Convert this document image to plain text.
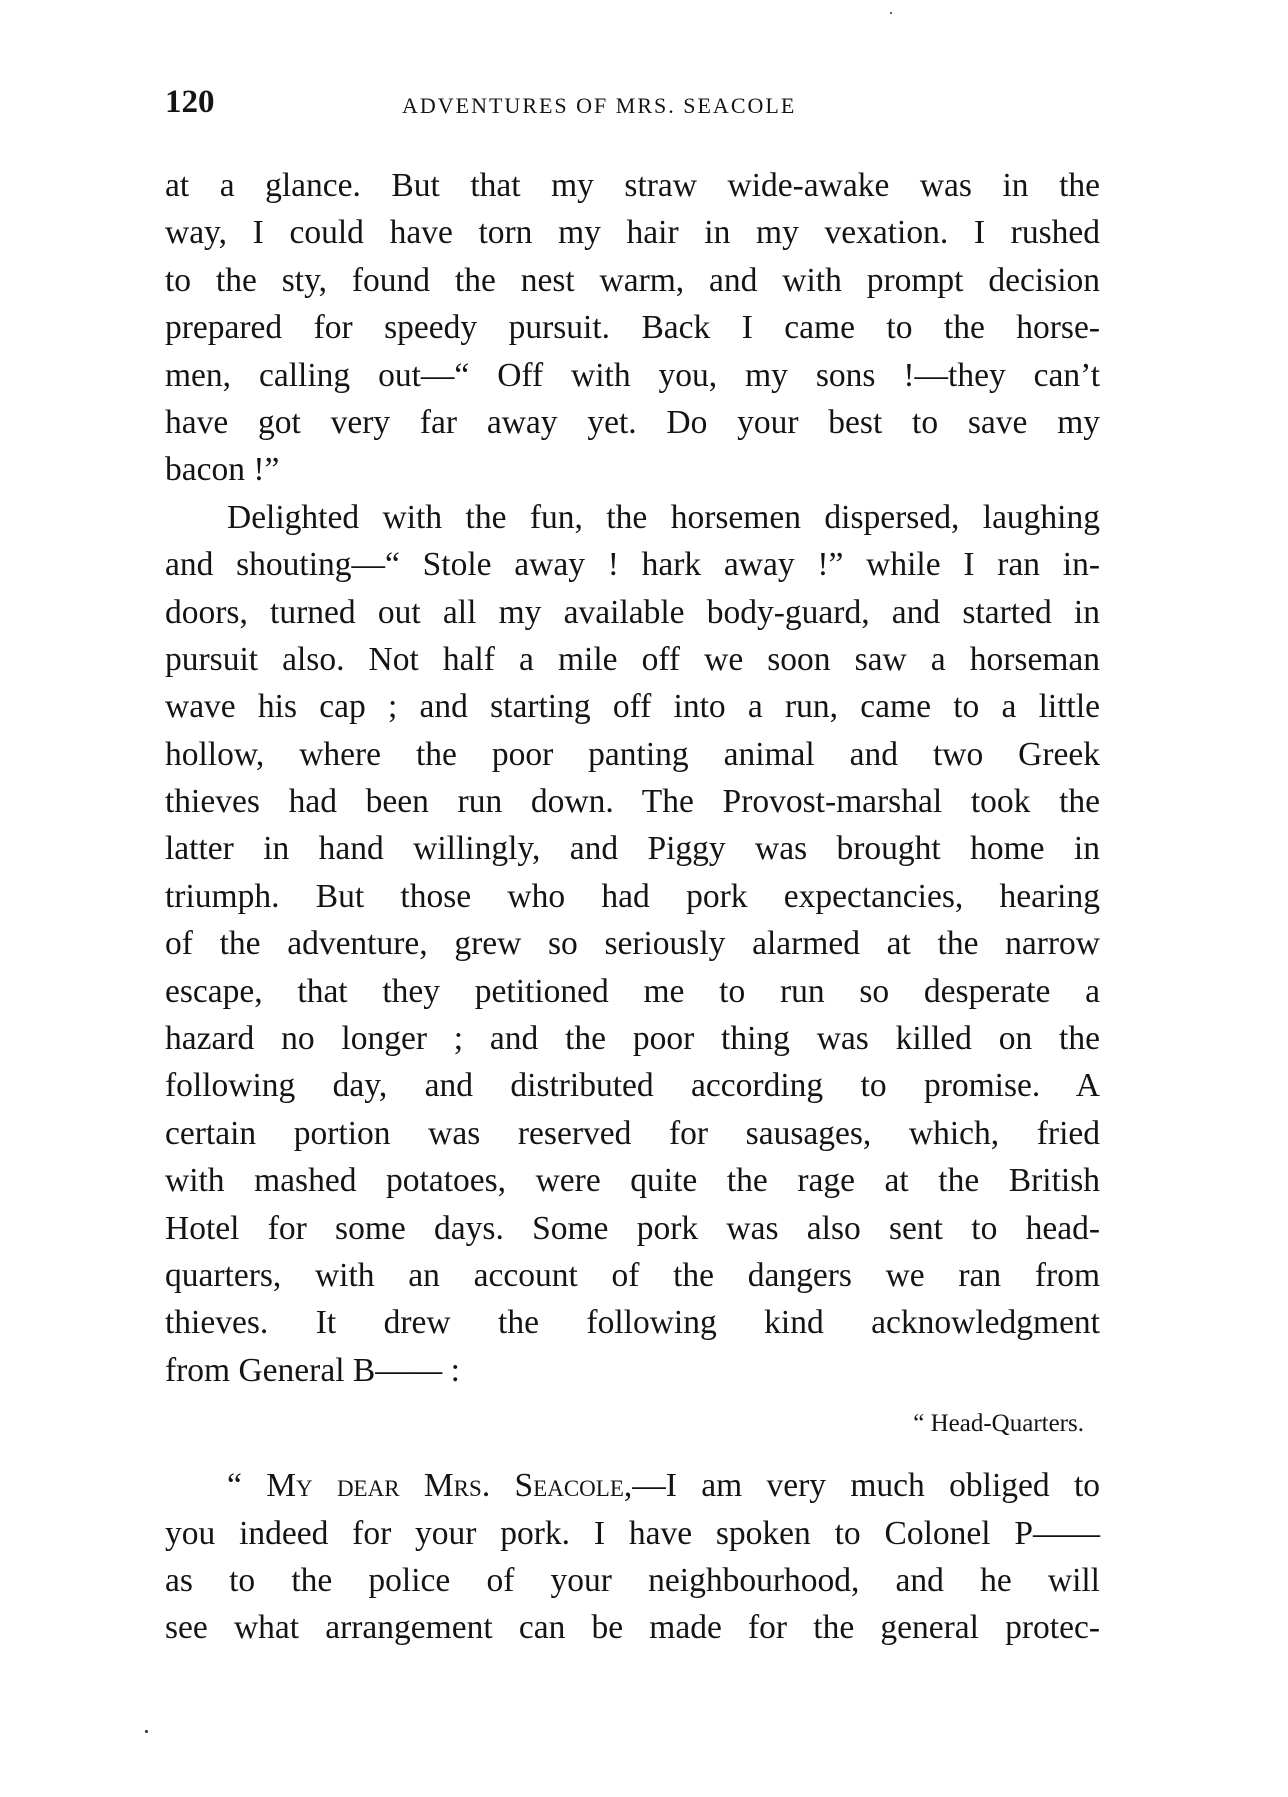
120	ADVENTURES OF MRS. SEACOLE
at a glance. But that my straw wide-awake was in the
way, I could have torn my hair in my vexation. I rushed
to the sty, found the nest warm, and with prompt decision
prepared for speedy pursuit. Back I came to the horse-
men, calling out—“ Off with you, my sons !—they can’t
have got very far away yet. Do your best to save my
bacon !”
Delighted with the fun, the horsemen dispersed, laughing
and shouting—“ Stole away ! hark away !” while I ran in-
doors, turned out all my available body-guard, and started in
pursuit also. Not half a mile off we soon saw a horseman
wave his cap ; and starting off into a run, came to a little
hollow, where the poor panting animal and two Greek
thieves had been run down. The Provost-marshal took the
latter in hand willingly, and Piggy was brought home in
triumph. But those who had pork expectancies, hearing
of the adventure, grew so seriously alarmed at the narrow
escape, that they petitioned me to run so desperate a
hazard no longer ; and the poor thing was killed on the
following day, and distributed according to promise. A
certain portion was reserved for sausages, which, fried
with mashed potatoes, were quite the rage at the British
Hotel for some days. Some pork was also sent to head-
quarters, with an account of the dangers we ran from
thieves. It drew the following kind acknowledgment
from General B—— :
“ Head-Quarters.
“ My dear Mrs. Seacole,—I am very much obliged to
you indeed for your pork. I have spoken to Colonel P——
as to the police of your neighbourhood, and he will
see what arrangement can be made for the general protec-
